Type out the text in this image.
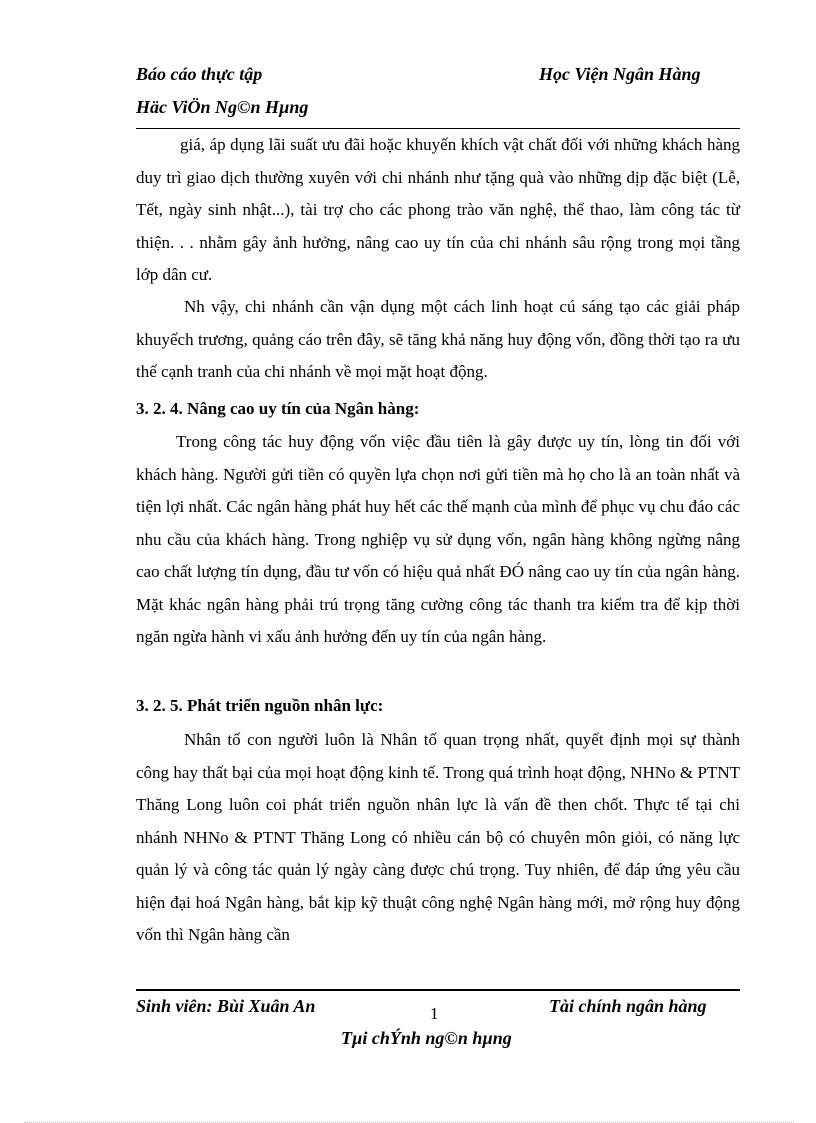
Báo cáo thực tập	Học Viện Ngân Hàng
Häc ViÖn Ng©n Hµng

giá, áp dụng lãi suất ưu đãi hoặc khuyến khích vật chất đối với những khách hàng duy trì giao dịch thường xuyên với chi nhánh như tặng quà vào những dịp đặc biệt (Lễ, Tết, ngày sinh nhật...), tài trợ cho các phong trào văn nghệ, thể thao, làm công tác từ thiện. . . nhằm gây ảnh hưởng, nâng cao uy tín của chi nhánh sâu rộng trong mọi tầng lớp dân cư.

Nh vậy, chi nhánh cần vận dụng một cách linh hoạt cú sáng tạo các giải pháp khuyếch trương, quảng cáo trên đây, sẽ tăng khả năng huy động vốn, đồng thời tạo ra ưu thế cạnh tranh của chi nhánh về mọi mặt hoạt động.

3. 2. 4. Nâng cao uy tín của Ngân hàng:

Trong công tác huy động vốn việc đầu tiên là gây được uy tín, lòng tin đối với khách hàng. Người gửi tiền có quyền lựa chọn nơi gửi tiền mà họ cho là an toàn nhất và tiện lợi nhất. Các ngân hàng phát huy hết các thế mạnh của mình để phục vụ chu đáo các nhu cầu của khách hàng. Trong nghiệp vụ sử dụng vốn, ngân hàng không ngừng nâng cao chất lượng tín dụng, đầu tư vốn có hiệu quả nhất ĐÓ nâng cao uy tín của ngân hàng. Mặt khác ngân hàng phải trú trọng tăng cường công tác thanh tra kiểm tra để kịp thời ngăn ngừa hành vi xấu ảnh hưởng đến uy tín của ngân hàng.

3. 2. 5. Phát triển nguồn nhân lực:

Nhân tố con người luôn là Nhân tố quan trọng nhất, quyết định mọi sự thành công hay thất bại của mọi hoạt động kinh tế. Trong quá trình hoạt động, NHNo & PTNT Thăng Long luôn coi phát triển nguồn nhân lực là vấn đề then chốt. Thực tế tại chi nhánh NHNo & PTNT Thăng Long có nhiều cán bộ có chuyên môn giỏi, có năng lực quản lý và công tác quản lý ngày càng được chú trọng. Tuy nhiên, để đáp ứng yêu cầu hiện đại hoá Ngân hàng, bắt kịp kỹ thuật công nghệ Ngân hàng mới, mở rộng huy động vốn thì Ngân hàng cần

Sinh viên: Bùi Xuân An	Tài chính ngân hàng
1
Tµi chÝnh ng©n hµng
